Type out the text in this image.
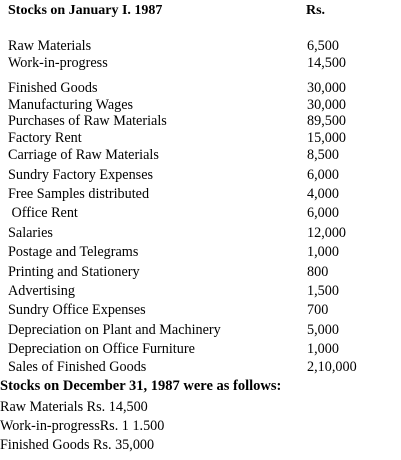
Stocks on January I. 1987	Rs.
Raw Materials	6,500
Work-in-progress	14,500
Finished Goods	30,000
Manufacturing Wages	30,000
Purchases of Raw Materials	89,500
Factory Rent	15,000
Carriage of Raw Materials	8,500
Sundry Factory Expenses	6,000
Free Samples distributed	4,000
Office Rent	6,000
Salaries	12,000
Postage and Telegrams	1,000
Printing and Stationery	800
Advertising	1,500
Sundry Office Expenses	700
Depreciation on Plant and Machinery	5,000
Depreciation on Office Furniture	1,000
Sales of Finished Goods	2,10,000
Stocks on December 31, 1987 were as follows:
Raw Materials Rs. 14,500
Work-in-progressRs. 1 1.500
Finished Goods Rs. 35,000
